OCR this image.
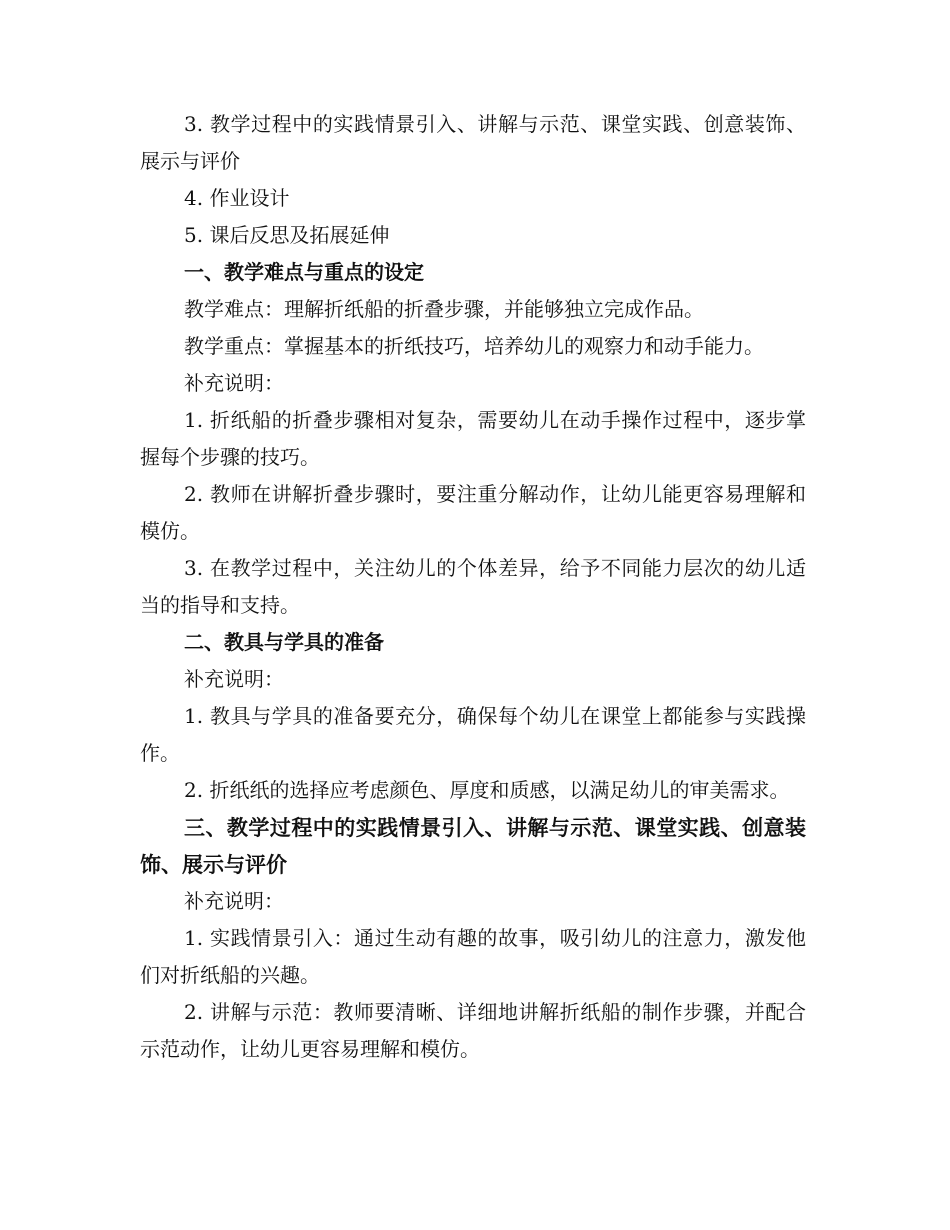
3. 教学过程中的实践情景引入、讲解与示范、课堂实践、创意装饰、展示与评价

4. 作业设计

5. 课后反思及拓展延伸

一、教学难点与重点的设定

教学难点：理解折纸船的折叠步骤，并能够独立完成作品。

教学重点：掌握基本的折纸技巧，培养幼儿的观察力和动手能力。

补充说明：

1. 折纸船的折叠步骤相对复杂，需要幼儿在动手操作过程中，逐步掌握每个步骤的技巧。

2. 教师在讲解折叠步骤时，要注重分解动作，让幼儿能更容易理解和模仿。

3. 在教学过程中，关注幼儿的个体差异，给予不同能力层次的幼儿适当的指导和支持。

二、教具与学具的准备

补充说明：

1. 教具与学具的准备要充分，确保每个幼儿在课堂上都能参与实践操作。

2. 折纸纸的选择应考虑颜色、厚度和质感，以满足幼儿的审美需求。

三、教学过程中的实践情景引入、讲解与示范、课堂实践、创意装饰、展示与评价

补充说明：

1. 实践情景引入：通过生动有趣的故事，吸引幼儿的注意力，激发他们对折纸船的兴趣。

2. 讲解与示范：教师要清晰、详细地讲解折纸船的制作步骤，并配合示范动作，让幼儿更容易理解和模仿。
